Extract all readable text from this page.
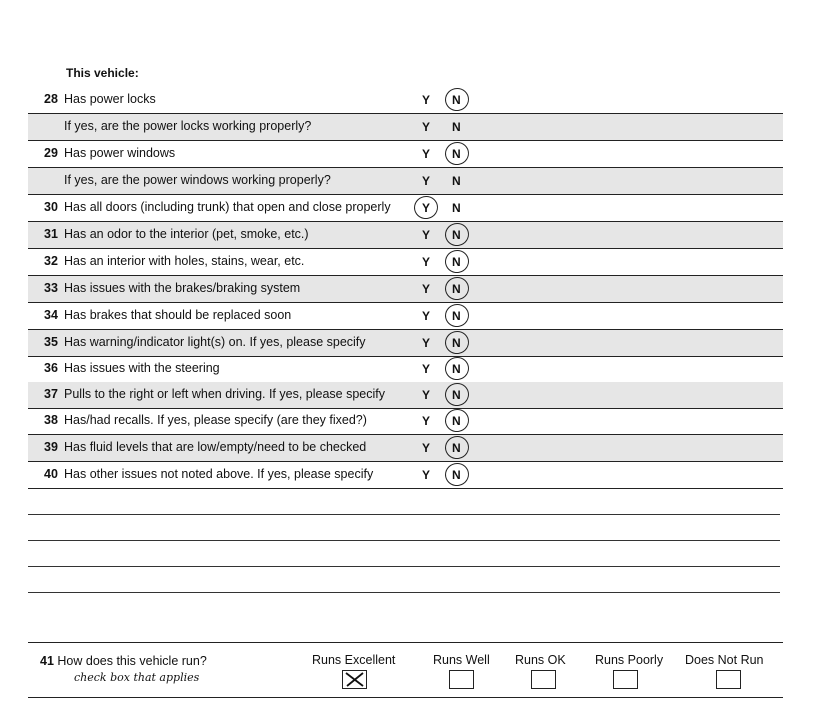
This vehicle:
28 Has power locks	Y N
If yes, are the power locks working properly?	Y N
29 Has power windows	Y N
If yes, are the power windows working properly?	Y N
30 Has all doors (including trunk) that open and close properly	Y N
31 Has an odor to the interior (pet, smoke, etc.)	Y N
32 Has an interior with holes, stains, wear, etc.	Y N
33 Has issues with the brakes/braking system	Y N
34 Has brakes that should be replaced soon	Y N
35 Has warning/indicator light(s) on. If yes, please specify	Y N
36 Has issues with the steering	Y N
37 Pulls to the right or left when driving. If yes, please specify	Y N
38 Has/had recalls. If yes, please specify (are they fixed?)	Y N
39 Has fluid levels that are low/empty/need to be checked	Y N
40 Has other issues not noted above. If yes, please specify	Y N
41 How does this vehicle run?
check box that applies
Runs Excellent	Runs Well Runs OK Runs Poorly Does Not Run
